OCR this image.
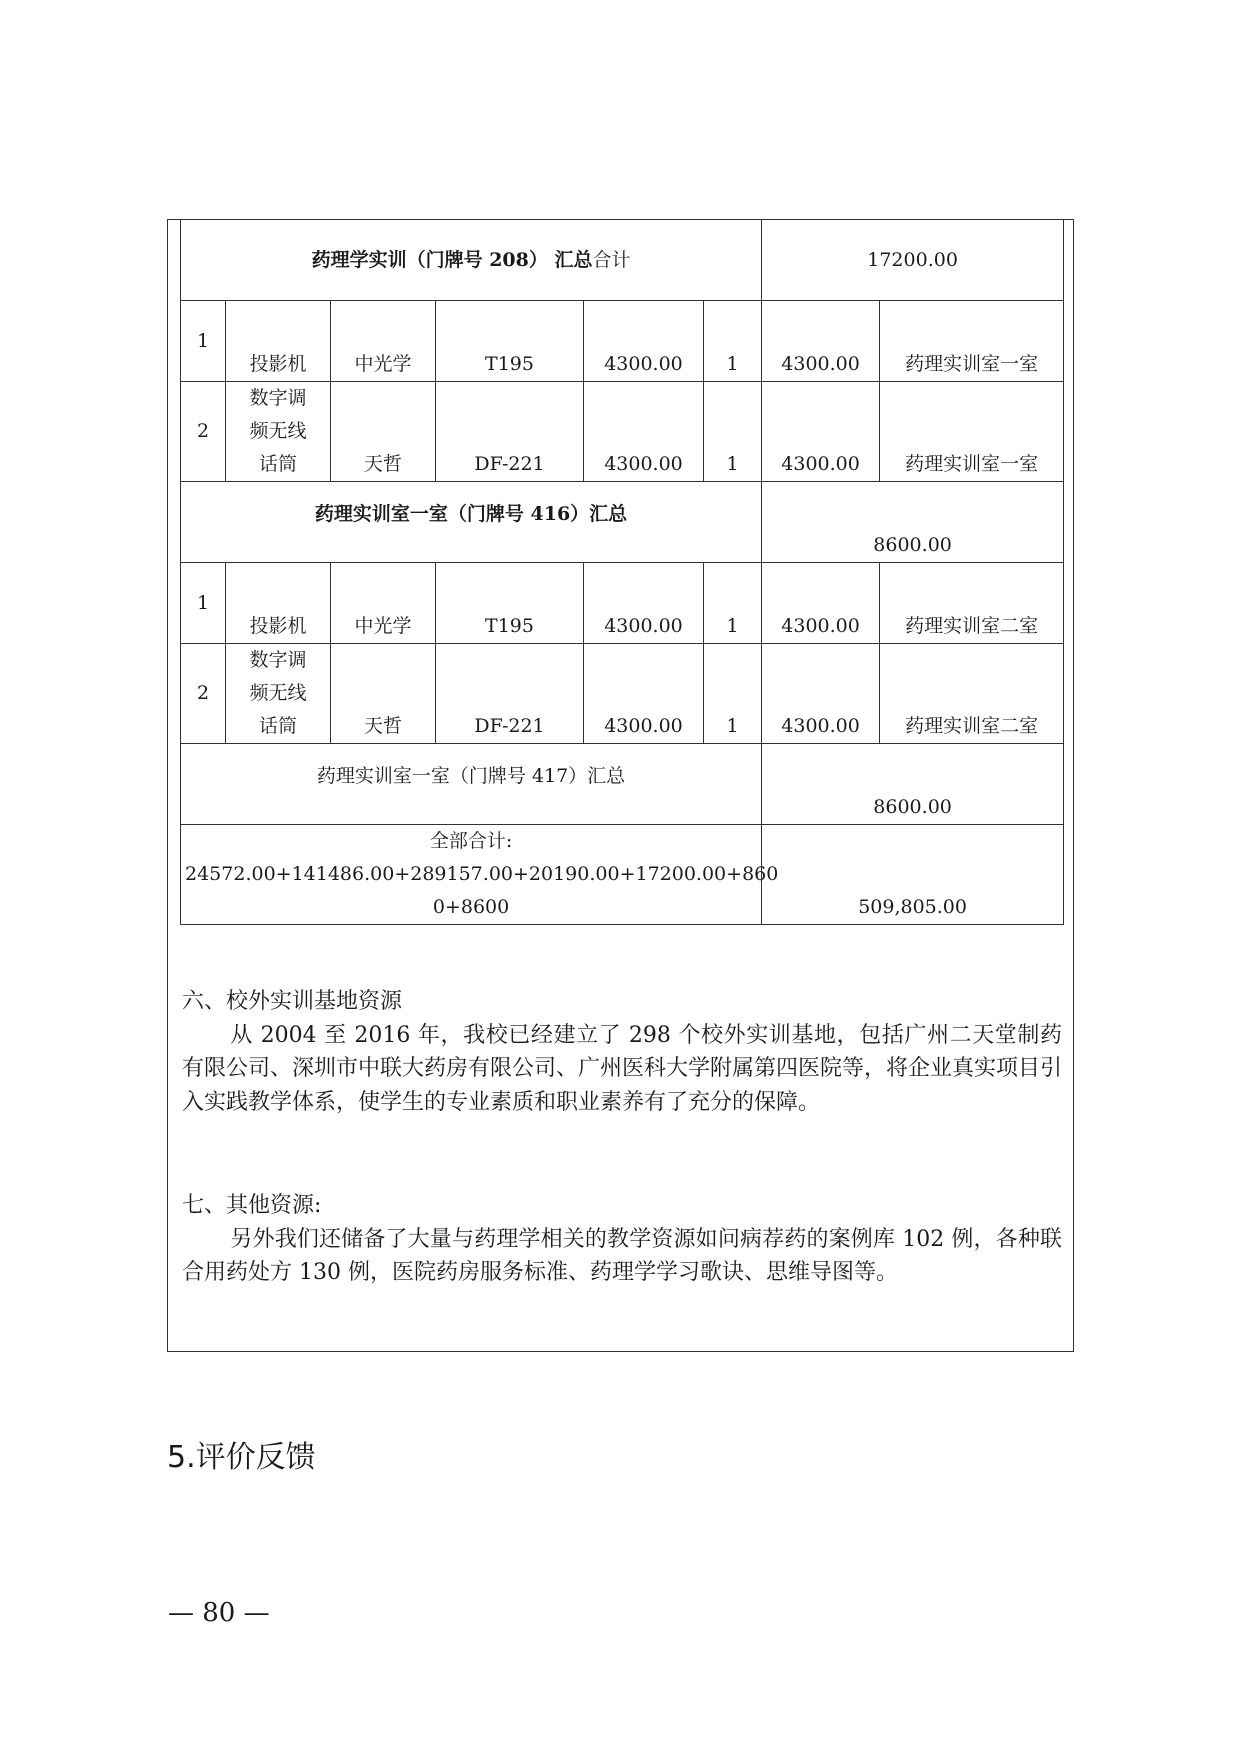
药理学实训（门牌号 208） 汇总合计						17200.00	
1	投影机	中光学	T195	4300.00	1	4300.00	药理实训室一室
2	数字调
频无线
话筒	天哲	DF-221	4300.00	1	4300.00	药理实训室一室
药理实训室一室（门牌号 416）汇总						8600.00	
1	投影机	中光学	T195	4300.00	1	4300.00	药理实训室二室
2	数字调
频无线
话筒	天哲	DF-221	4300.00	1	4300.00	药理实训室二室
药理实训室一室（门牌号 417）汇总						8600.00	

全部合计:
24572.00+141486.00+289157.00+20190.00+17200.00+860
0+8600						509,805.00	

六、校外实训基地资源

从 2004 至 2016 年，我校已经建立了 298 个校外实训基地，包括广州二天堂制药有限公司、深圳市中联大药房有限公司、广州医科大学附属第四医院等，将企业真实项目引入实践教学体系，使学生的专业素质和职业素养有了充分的保障。

七、其他资源:

另外我们还储备了大量与药理学相关的教学资源如问病荐药的案例库 102 例，各种联合用药处方 130 例，医院药房服务标准、药理学学习歌诀、思维导图等。

5.评价反馈
— 80 —
